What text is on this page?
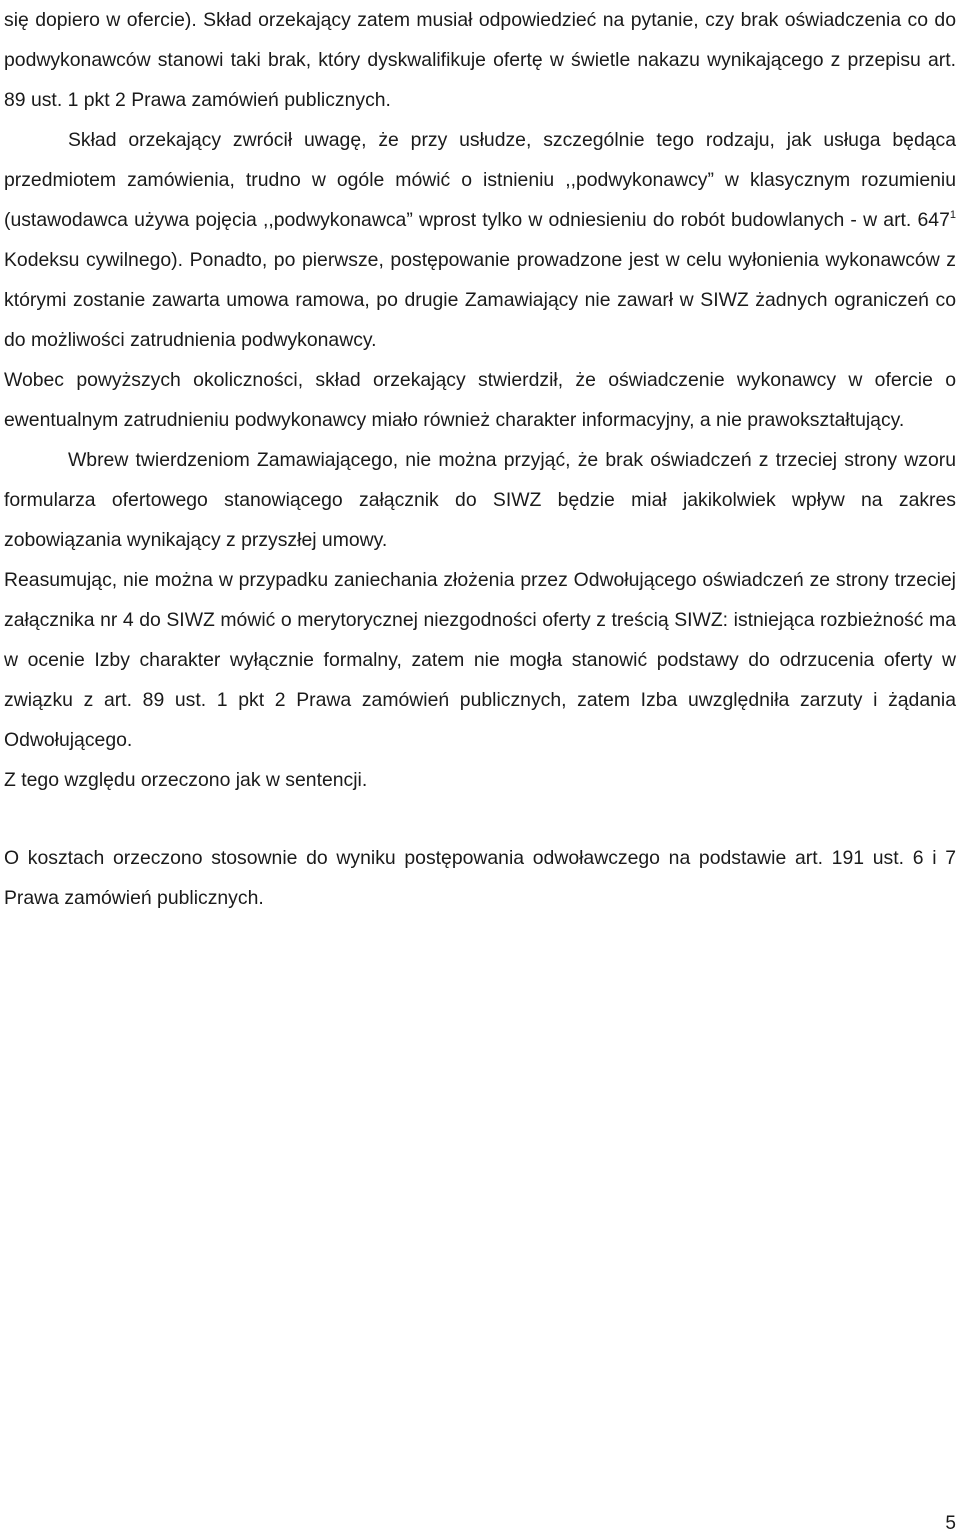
się dopiero w ofercie). Skład orzekający zatem musiał odpowiedzieć na pytanie, czy brak oświadczenia co do podwykonawców stanowi taki brak, który dyskwalifikuje ofertę w świetle nakazu wynikającego z przepisu art. 89 ust. 1 pkt 2 Prawa zamówień publicznych.

Skład orzekający zwrócił uwagę, że przy usłudze, szczególnie tego rodzaju, jak usługa będąca przedmiotem zamówienia, trudno w ogóle mówić o istnieniu ,,podwykonawcy” w klasycznym rozumieniu (ustawodawca używa pojęcia ,,podwykonawca” wprost tylko w odniesieniu do robót budowlanych - w art. $647^1$ Kodeksu cywilnego). Ponadto, po pierwsze, postępowanie prowadzone jest w celu wyłonienia wykonawców z którymi zostanie zawarta umowa ramowa, po drugie Zamawiający nie zawarł w SIWZ żadnych ograniczeń co do możliwości zatrudnienia podwykonawcy.

Wobec powyższych okoliczności, skład orzekający stwierdził, że oświadczenie wykonawcy w ofercie o ewentualnym zatrudnieniu podwykonawcy miało również charakter informacyjny, a nie prawokształtujący.

Wbrew twierdzeniom Zamawiającego, nie można przyjąć, że brak oświadczeń z trzeciej strony wzoru formularza ofertowego stanowiącego załącznik do SIWZ będzie miał jakikolwiek wpływ na zakres zobowiązania wynikający z przyszłej umowy.

Reasumując, nie można w przypadku zaniechania złożenia przez Odwołującego oświadczeń ze strony trzeciej załącznika nr 4 do SIWZ mówić o merytorycznej niezgodności oferty z treścią SIWZ: istniejąca rozbieżność ma w ocenie Izby charakter wyłącznie formalny, zatem nie mogła stanowić podstawy do odrzucenia oferty w związku z art. 89 ust. 1 pkt 2 Prawa zamówień publicznych, zatem Izba uwzględniła zarzuty i żądania Odwołującego.

Z tego względu orzeczono jak w sentencji.

O kosztach orzeczono stosownie do wyniku postępowania odwoławczego na podstawie art. 191 ust. 6 i 7 Prawa zamówień publicznych.

5
